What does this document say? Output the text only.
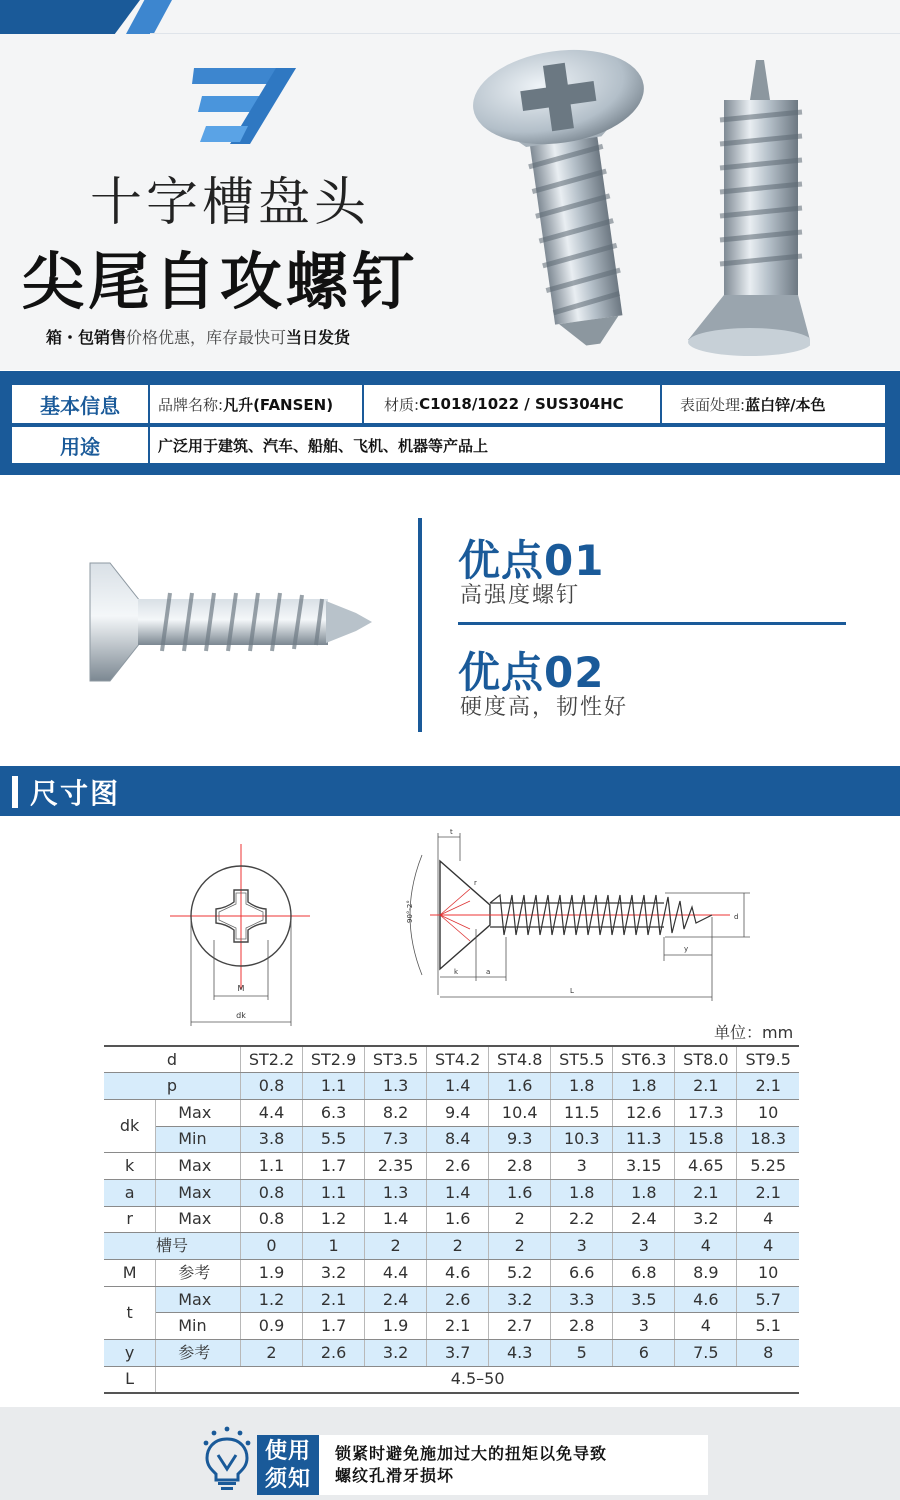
十字槽盘头
尖尾自攻螺钉
箱・包销售价格优惠，库存最快可当日发货
基本信息	品牌名称: 凡升(FANSEN)	材质: C1018/1022 / SUS304HC	表面处理: 蓝白锌/本色
用途	广泛用于建筑、汽车、船舶、飞机、机器等产品上
优点01
高强度螺钉
优点02
硬度高，韧性好
尺寸图
M
dk
90°-2°
t
r
d
y
k	a
L
单位：mm
d		ST2.2	ST2.9	ST3.5	ST4.2	ST4.8	ST5.5	ST6.3	ST8.0	ST9.5
p		0.8	1.1	1.3	1.4	1.6	1.8	1.8	2.1	2.1
dk	Max	4.4	6.3	8.2	9.4	10.4	11.5	12.6	17.3	10
	Min	3.8	5.5	7.3	8.4	9.3	10.3	11.3	15.8	18.3
k	Max	1.1	1.7	2.35	2.6	2.8	3	3.15	4.65	5.25
a	Max	0.8	1.1	1.3	1.4	1.6	1.8	1.8	2.1	2.1
r	Max	0.8	1.2	1.4	1.6	2	2.2	2.4	3.2	4
槽号		0	1	2	2	2	3	3	4	4
M	参考	1.9	3.2	4.4	4.6	5.2	6.6	6.8	8.9	10
t	Max	1.2	2.1	2.4	2.6	3.2	3.3	3.5	4.6	5.7
	Min	0.9	1.7	1.9	2.1	2.7	2.8	3	4	5.1
y	参考	2	2.6	3.2	3.7	4.3	5	6	7.5	8
L	4.5–50									
使用
须知
锁紧时避免施加过大的扭矩以免导致
螺纹孔滑牙损坏
